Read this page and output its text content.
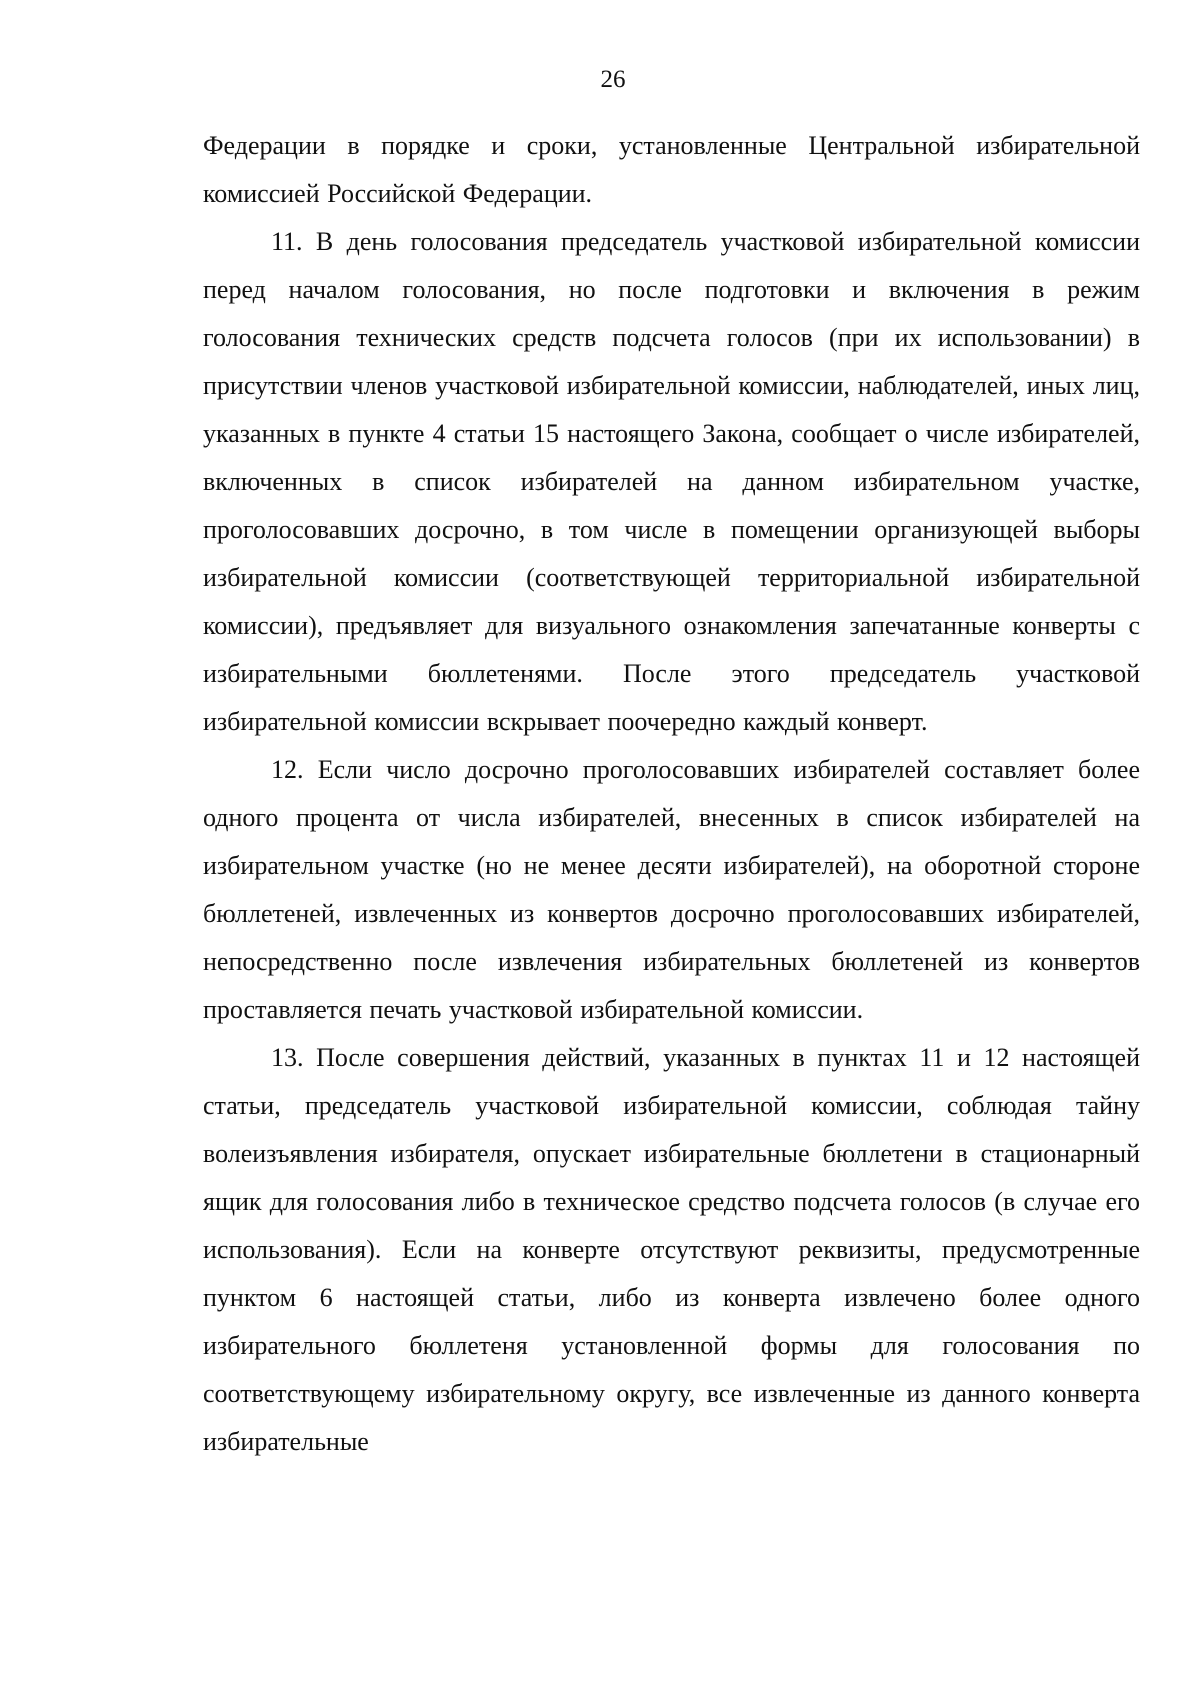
26

Федерации в порядке и сроки, установленные Центральной избирательной комиссией Российской Федерации.

11. В день голосования председатель участковой избирательной комиссии перед началом голосования, но после подготовки и включения в режим голосования технических средств подсчета голосов (при их использовании) в присутствии членов участковой избирательной комиссии, наблюдателей, иных лиц, указанных в пункте 4 статьи 15 настоящего Закона, сообщает о числе избирателей, включенных в список избирателей на данном избирательном участке, проголосовавших досрочно, в том числе в помещении организующей выборы избирательной комиссии (соответствующей территориальной избирательной комиссии), предъявляет для визуального ознакомления запечатанные конверты с избирательными бюллетенями. После этого председатель участковой избирательной комиссии вскрывает поочередно каждый конверт.

12. Если число досрочно проголосовавших избирателей составляет более одного процента от числа избирателей, внесенных в список избирателей на избирательном участке (но не менее десяти избирателей), на оборотной стороне бюллетеней, извлеченных из конвертов досрочно проголосовавших избирателей, непосредственно после извлечения избирательных бюллетеней из конвертов проставляется печать участковой избирательной комиссии.

13. После совершения действий, указанных в пунктах 11 и 12 настоящей статьи, председатель участковой избирательной комиссии, соблюдая тайну волеизъявления избирателя, опускает избирательные бюллетени в стационарный ящик для голосования либо в техническое средство подсчета голосов (в случае его использования). Если на конверте отсутствуют реквизиты, предусмотренные пунктом 6 настоящей статьи, либо из конверта извлечено более одного избирательного бюллетеня установленной формы для голосования по соответствующему избирательному округу, все извлеченные из данного конверта избирательные
